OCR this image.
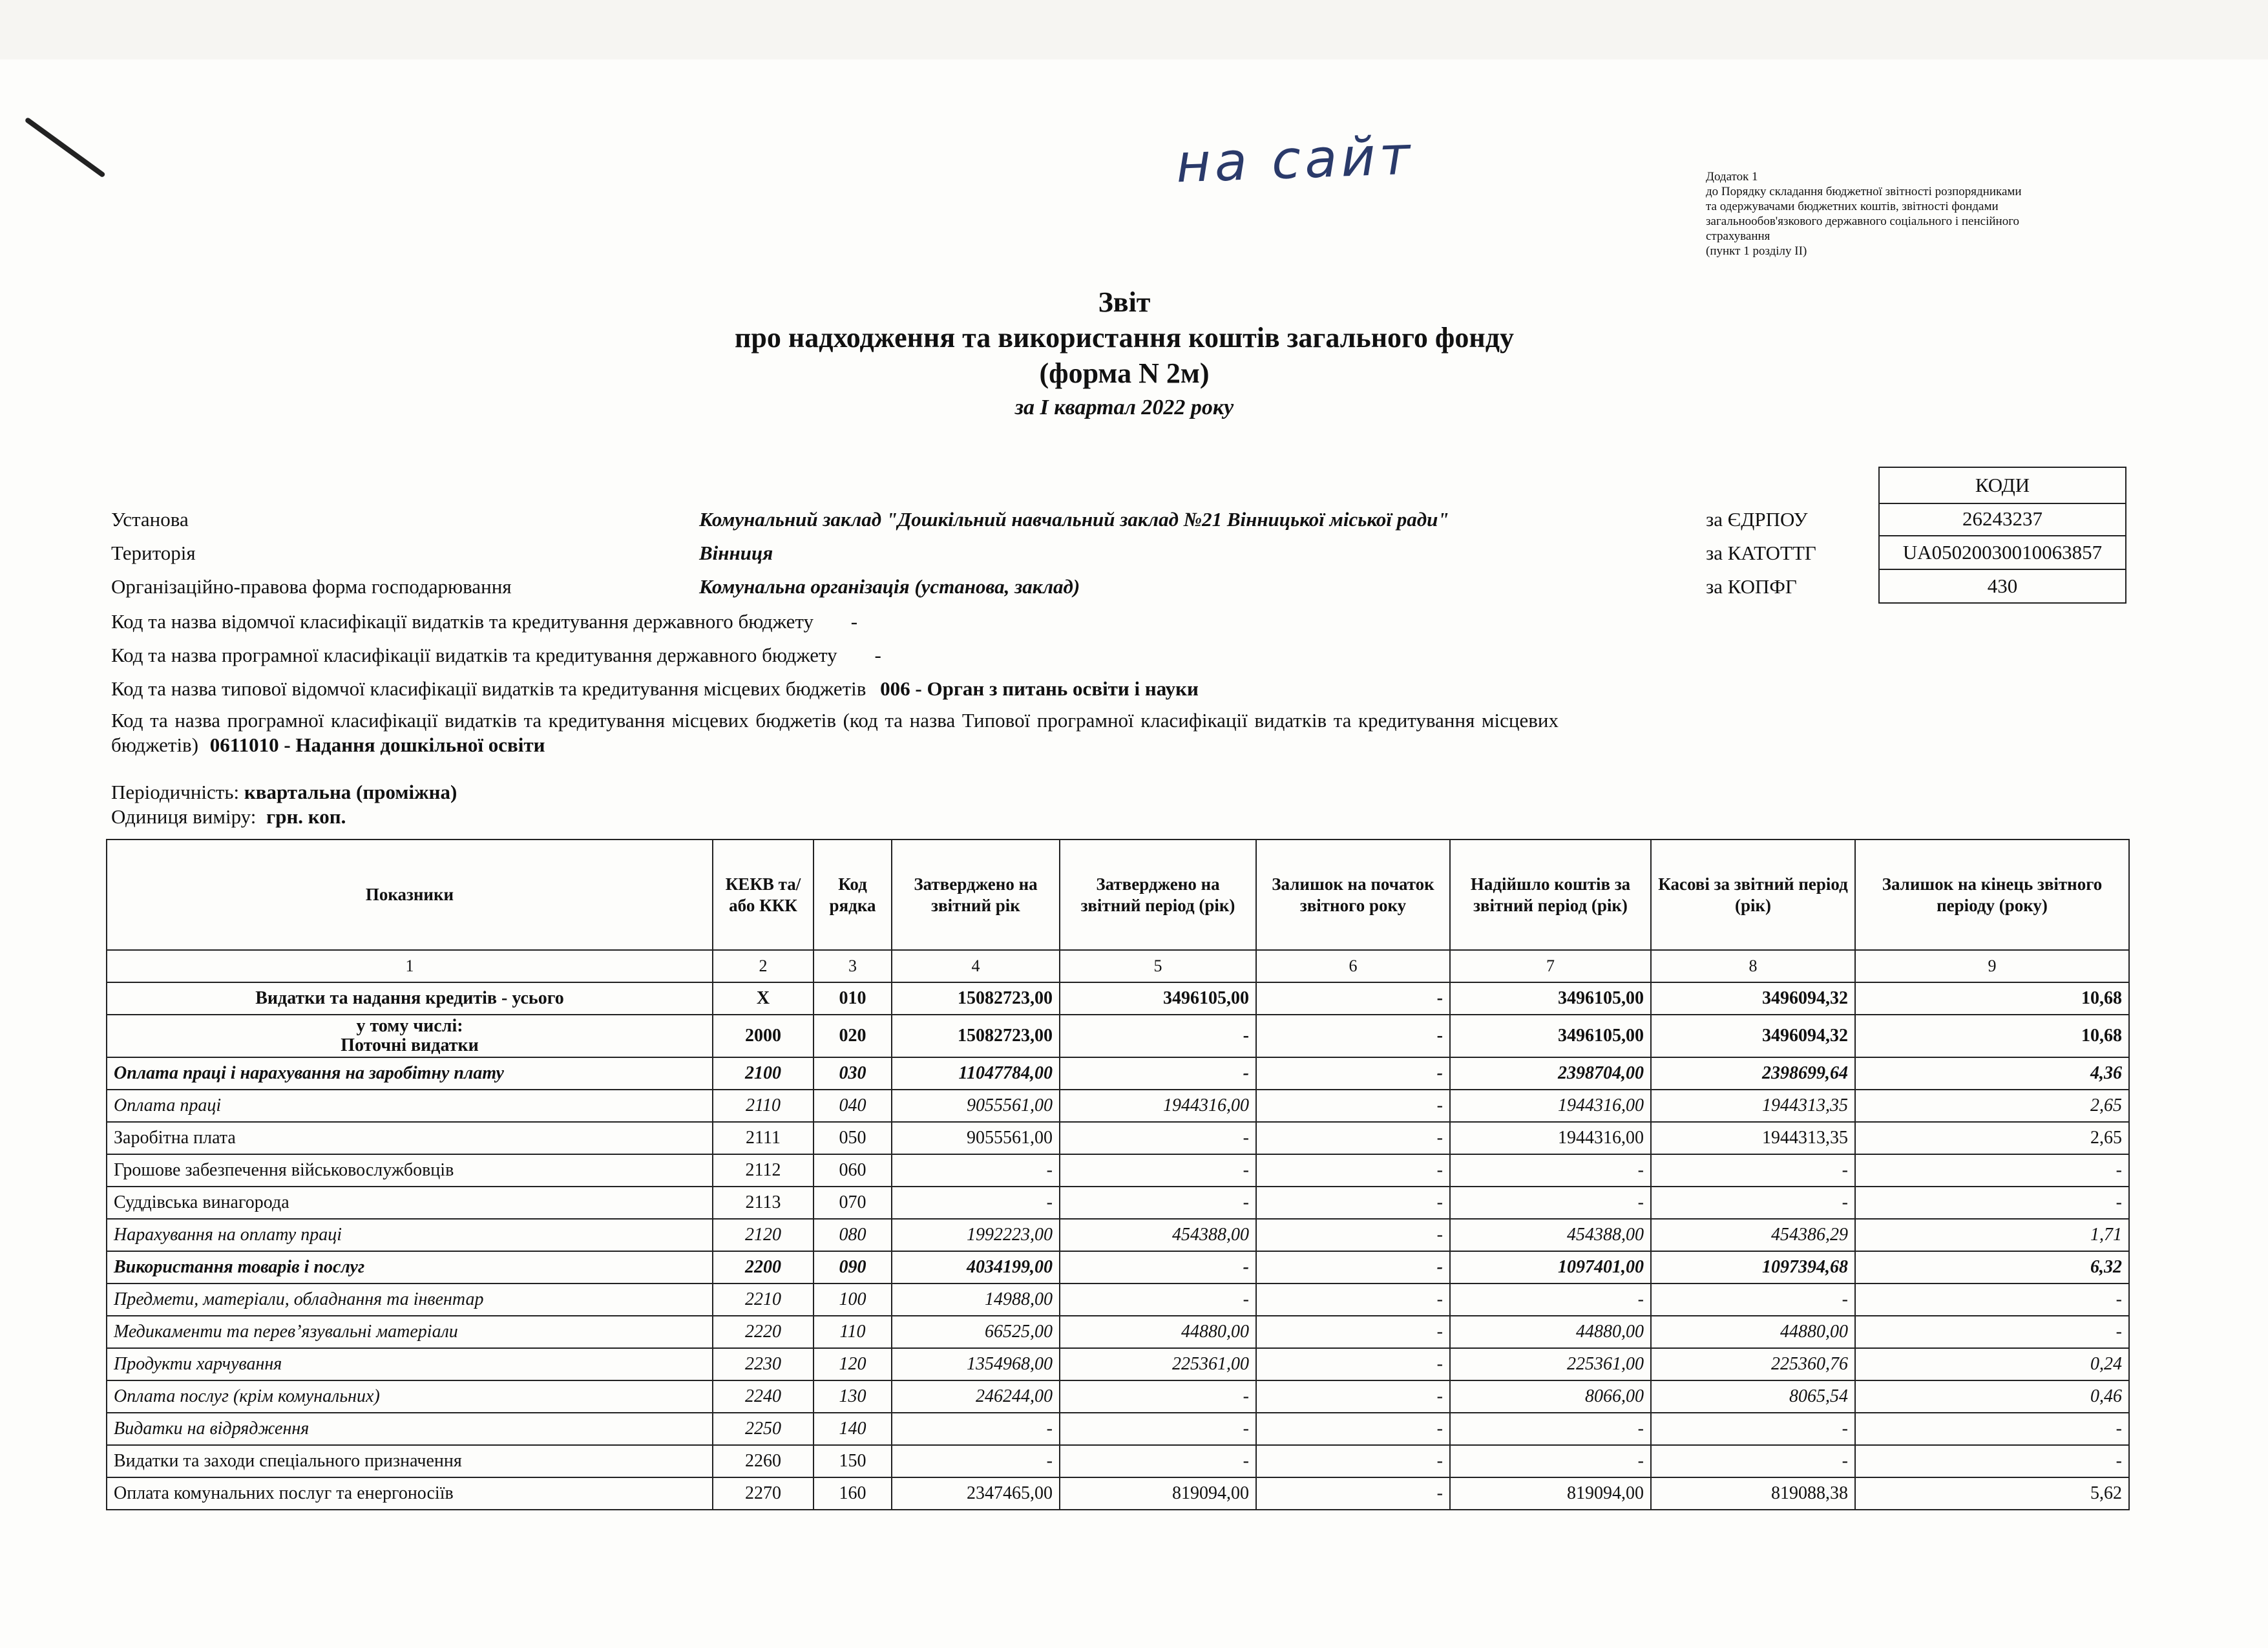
на сайт	Додаток 1
до Порядку складання бюджетної звітності розпорядниками
та одержувачами бюджетних коштів, звітності фондами
загальнообов'язкового державного соціального і пенсійного
страхування
(пункт 1 розділу II)
Звіт
про надходження та використання коштів загального фонду
(форма N 2м)
за I квартал 2022 року
КОДИ
за ЄДРПОУ	26243237
за КАТОТТГ	UA05020030010063857
за КОПФГ	430
Установа	Комунальний заклад "Дошкільний навчальний заклад №21 Вінницької міської ради"
Територія	Вінниця
Організаційно-правова форма господарювання	Комунальна організація (установа, заклад)
Код та назва відомчої класифікації видатків та кредитування державного бюджету -
Код та назва програмної класифікації видатків та кредитування державного бюджету -
Код та назва типової відомчої класифікації видатків та кредитування місцевих бюджетів 006 - Орган з питань освіти і науки
Код та назва програмної класифікації видатків та кредитування місцевих бюджетів (код та назва Типової програмної класифікації видатків та кредитування місцевих бюджетів) 0611010 - Надання дошкільної освіти
Періодичність: квартальна (проміжна)
Одиниця виміру: грн. коп.
Показники	КЕКВ та/або ККК	Код рядка	Затверджено на звітний рік	Затверджено на звітний період (рік)	Залишок на початок звітного року	Надійшло коштів за звітний період (рік)	Касові за звітний період (рік)	Залишок на кінець звітного періоду (року)
1	2	3	4	5	6	7	8	9
Видатки та надання кредитів - усього	X	010	15082723,00	3496105,00	-	3496105,00	3496094,32	10,68
у тому числі:
Поточні видатки	2000	020	15082723,00	-	-	3496105,00	3496094,32	10,68
Оплата праці і нарахування на заробітну плату	2100	030	11047784,00	-	-	2398704,00	2398699,64	4,36
Оплата праці	2110	040	9055561,00	1944316,00	-	1944316,00	1944313,35	2,65
Заробітна плата	2111	050	9055561,00	-	-	1944316,00	1944313,35	2,65
Грошове забезпечення військовослужбовців	2112	060	-	-	-	-	-	-
Суддівська винагорода	2113	070	-	-	-	-	-	-
Нарахування на оплату праці	2120	080	1992223,00	454388,00	-	454388,00	454386,29	1,71
Використання товарів і послуг	2200	090	4034199,00	-	-	1097401,00	1097394,68	6,32
Предмети, матеріали, обладнання та інвентар	2210	100	14988,00	-	-	-	-	-
Медикаменти та перев’язувальні матеріали	2220	110	66525,00	44880,00	-	44880,00	44880,00	-
Продукти харчування	2230	120	1354968,00	225361,00	-	225361,00	225360,76	0,24
Оплата послуг (крім комунальних)	2240	130	246244,00	-	-	8066,00	8065,54	0,46
Видатки на відрядження	2250	140	-	-	-	-	-	-
Видатки та заходи спеціального призначення	2260	150	-	-	-	-	-	-
Оплата комунальних послуг та енергоносіїв	2270	160	2347465,00	819094,00	-	819094,00	819088,38	5,62
